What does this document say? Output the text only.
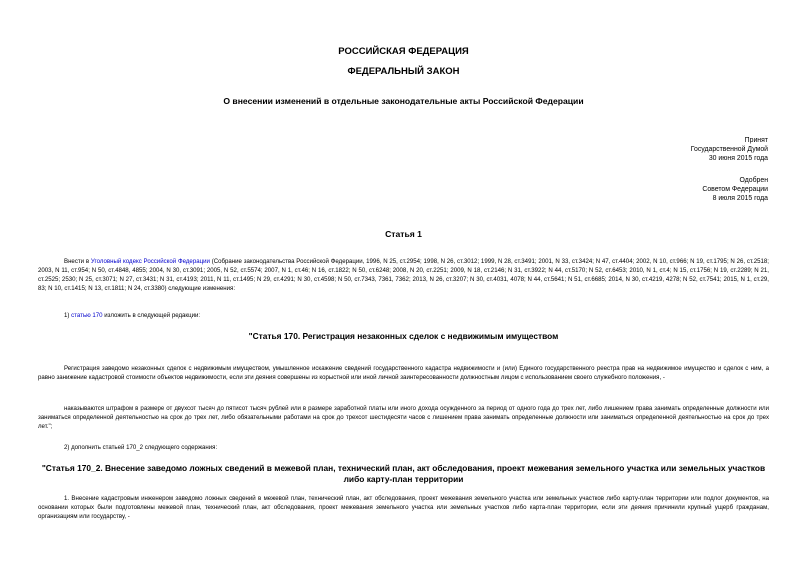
РОССИЙСКАЯ ФЕДЕРАЦИЯ
ФЕДЕРАЛЬНЫЙ ЗАКОН
О внесении изменений в отдельные законодательные акты Российской Федерации
Принят
Государственной Думой
30 июня 2015 года
Одобрен
Советом Федерации
8 июля 2015 года
Статья 1
Внести в Уголовный кодекс Российской Федерации (Собрание законодательства Российской Федерации, 1996, N 25, ст.2954; 1998, N 26, ст.3012; 1999, N 28, ст.3491; 2001, N 33, ст.3424; N 47, ст.4404; 2002, N 10, ст.966; N 19, ст.1795; N 26, ст.2518; 2003, N 11, ст.954; N 50, ст.4848, 4855; 2004, N 30, ст.3091; 2005, N 52, ст.5574; 2007, N 1, ст.46; N 16, ст.1822; N 50, ст.6248; 2008, N 20, ст.2251; 2009, N 18, ст.2146; N 31, ст.3922; N 44, ст.5170; N 52, ст.6453; 2010, N 1, ст.4; N 15, ст.1756; N 19, ст.2289; N 21, ст.2525; 2530; N 25, ст.3071; N 27, ст.3431; N 31, ст.4193; 2011, N 11, ст.1495; N 29, ст.4291; N 30, ст.4598; N 50, ст.7343, 7361, 7362; 2013, N 26, ст.3207; N 30, ст.4031, 4078; N 44, ст.5641; N 51, ст.6685; 2014, N 30, ст.4219, 4278; N 52, ст.7541; 2015, N 1, ст.29, 83; N 10, ст.1415; N 13, ст.1811; N 24, ст.3380) следующие изменения:
1) статью 170 изложить в следующей редакции:
"Статья 170. Регистрация незаконных сделок с недвижимым имуществом
Регистрация заведомо незаконных сделок с недвижимым имуществом, умышленное искажение сведений государственного кадастра недвижимости и (или) Единого государственного реестра прав на недвижимое имущество и сделок с ним, а равно занижение кадастровой стоимости объектов недвижимости, если эти деяния совершены из корыстной или иной личной заинтересованности должностным лицом с использованием своего служебного положения, -
наказываются штрафом в размере от двухсот тысяч до пятисот тысяч рублей или в размере заработной платы или иного дохода осужденного за период от одного года до трех лет, либо лишением права занимать определенные должности или заниматься определенной деятельностью на срок до трех лет, либо обязательными работами на срок до трехсот шестидесяти часов с лишением права занимать определенные должности или заниматься определенной деятельностью на срок до трех лет.";
2) дополнить статьей 170_2 следующего содержания:
"Статья 170_2. Внесение заведомо ложных сведений в межевой план, технический план, акт обследования, проект межевания земельного участка или земельных участков либо карту-план территории
1. Внесение кадастровым инженером заведомо ложных сведений в межевой план, технический план, акт обследования, проект межевания земельного участка или земельных участков либо карту-план территории или подлог документов, на основании которых были подготовлены межевой план, технический план, акт обследования, проект межевания земельного участка или земельных участков либо карта-план территории, если эти деяния причинили крупный ущерб гражданам, организациям или государству, -
